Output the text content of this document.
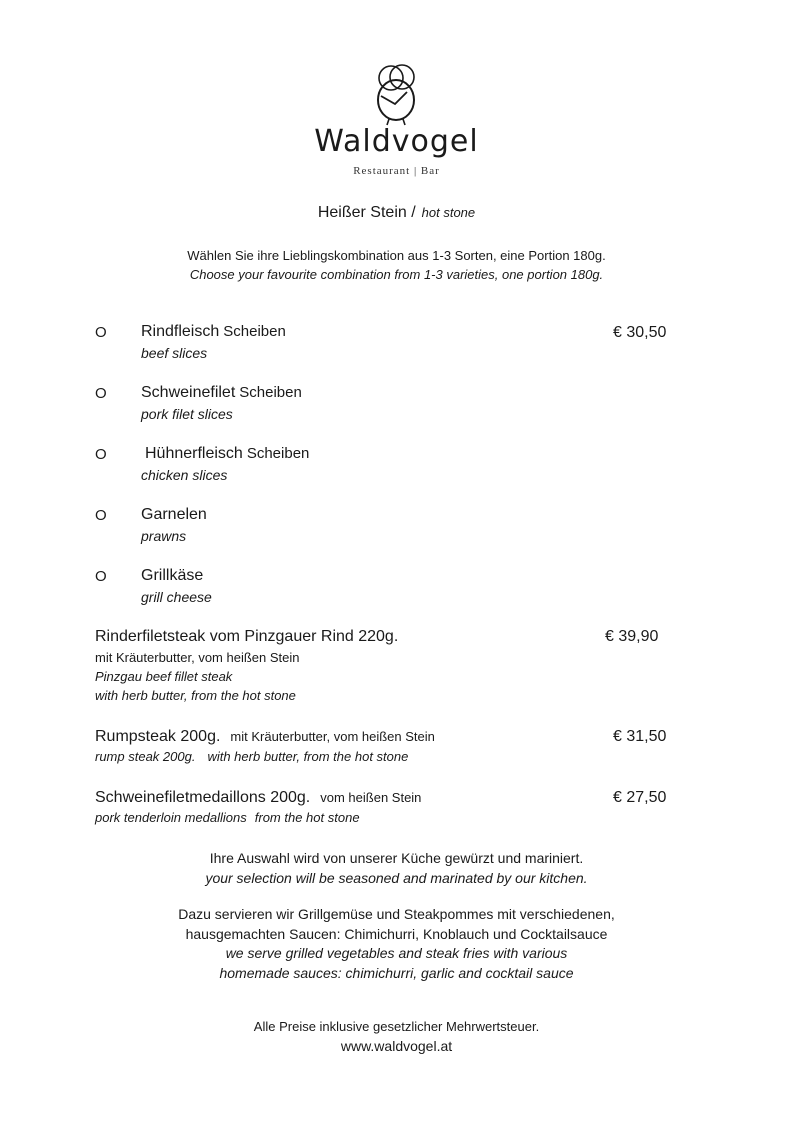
Waldvogel
Restaurant | Bar
Heißer Stein / hot stone
Wählen Sie ihre Lieblingskombination aus 1-3 Sorten, eine Portion 180g.
Choose your favourite combination from 1-3 varieties, one portion 180g.
O Rindfleisch Scheiben
beef slices
€ 30,50
O Schweinefilet Scheiben
pork filet slices
O Hühnerfleisch Scheiben
chicken slices
O Garnelen
prawns
O Grillkäse
grill cheese
Rinderfiletsteak vom Pinzgauer Rind 220g.	€ 39,90
mit Kräuterbutter, vom heißen Stein
Pinzgau beef fillet steak
with herb butter, from the hot stone
Rumpsteak 200g. mit Kräuterbutter, vom heißen Stein	€ 31,50
rump steak 200g. with herb butter, from the hot stone
Schweinefiletmedaillons 200g. vom heißen Stein	€ 27,50
pork tenderloin medallions from the hot stone
Ihre Auswahl wird von unserer Küche gewürzt und mariniert.
your selection will be seasoned and marinated by our kitchen.
Dazu servieren wir Grillgemüse und Steakpommes mit verschiedenen,
hausgemachten Saucen: Chimichurri, Knoblauch und Cocktailsauce
we serve grilled vegetables and steak fries with various
homemade sauces: chimichurri, garlic and cocktail sauce
Alle Preise inklusive gesetzlicher Mehrwertsteuer.
www.waldvogel.at
